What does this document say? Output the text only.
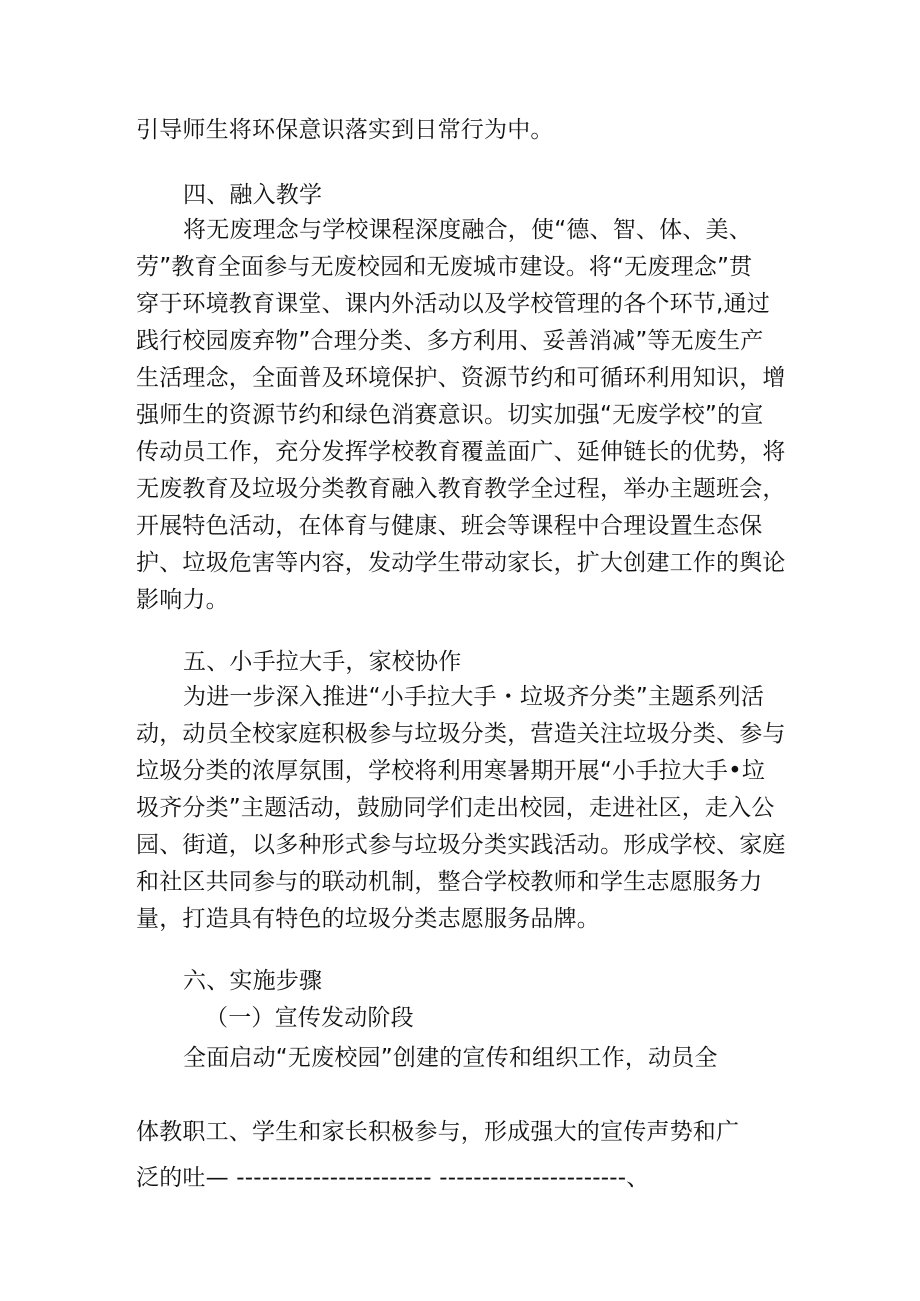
引导师生将环保意识落实到日常行为中。
四、融入教学
将无废理念与学校课程深度融合，使“德、智、体、美、
劳”教育全面参与无废校园和无废城市建设。将“无废理念”贯
穿于环境教育课堂、课内外活动以及学校管理的各个环节,通过
践行校园废弃物”合理分类、多方利用、妥善消减”等无废生产
生活理念，全面普及环境保护、资源节约和可循环利用知识，增
强师生的资源节约和绿色消赛意识。切实加强“无废学校”的宣
传动员工作，充分发挥学校教育覆盖面广、延伸链长的优势，将
无废教育及垃圾分类教育融入教育教学全过程，举办主题班会，
开展特色活动，在体育与健康、班会等课程中合理设置生态保
护、垃圾危害等内容，发动学生带动家长，扩大创建工作的舆论
影响力。
五、小手拉大手，家校协作
为进一步深入推进“小手拉大手・垃圾齐分类”主题系列活
动，动员全校家庭积极参与垃圾分类，营造关注垃圾分类、参与
垃圾分类的浓厚氛围，学校将利用寒暑期开展“小手拉大手•垃
圾齐分类”主题活动，鼓励同学们走出校园，走进社区，走入公
园、街道，以多种形式参与垃圾分类实践活动。形成学校、家庭
和社区共同参与的联动机制，整合学校教师和学生志愿服务力
量，打造具有特色的垃圾分类志愿服务品牌。
六、实施步骤
（一）宣传发动阶段
全面启动“无废校园”创建的宣传和组织工作，动员全
体教职工、学生和家长积极参与，形成强大的宣传声势和广
泛的吐— ----------------------- ----------------------、
